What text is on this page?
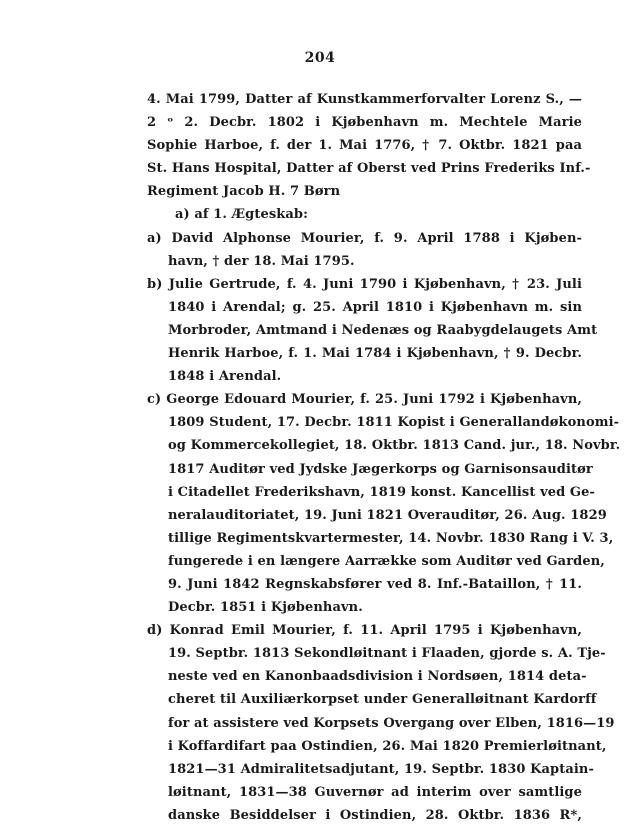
204
4. Mai 1799, Datter af Kunstkammerforvalter Lorenz S., —
2 ᵒ 2. Decbr. 1802 i Kjøbenhavn m. Mechtele Marie
Sophie Harboe, f. der 1. Mai 1776, † 7. Oktbr. 1821 paa
St. Hans Hospital, Datter af Oberst ved Prins Frederiks Inf.-
Regiment Jacob H. 7 Børn
a) af 1. Ægteskab:
a) David Alphonse Mourier, f. 9. April 1788 i Kjøben-
havn, † der 18. Mai 1795.
b) Julie Gertrude, f. 4. Juni 1790 i Kjøbenhavn, † 23. Juli
1840 i Arendal; g. 25. April 1810 i Kjøbenhavn m. sin
Morbroder, Amtmand i Nedenæs og Raabygdelaugets Amt
Henrik Harboe, f. 1. Mai 1784 i Kjøbenhavn, † 9. Decbr.
1848 i Arendal.
c) George Edouard Mourier, f. 25. Juni 1792 i Kjøbenhavn,
1809 Student, 17. Decbr. 1811 Kopist i Generallandøkonomi-
og Kommercekollegiet, 18. Oktbr. 1813 Cand. jur., 18. Novbr.
1817 Auditør ved Jydske Jægerkorps og Garnisonsauditør
i Citadellet Frederikshavn, 1819 konst. Kancellist ved Ge-
neralauditoriatet, 19. Juni 1821 Overauditør, 26. Aug. 1829
tillige Regimentskvartermester, 14. Novbr. 1830 Rang i V. 3,
fungerede i en længere Aarrække som Auditør ved Garden,
9. Juni 1842 Regnskabsfører ved 8. Inf.-Bataillon, † 11.
Decbr. 1851 i Kjøbenhavn.
d) Konrad Emil Mourier, f. 11. April 1795 i Kjøbenhavn,
19. Septbr. 1813 Sekondløitnant i Flaaden, gjorde s. A. Tje-
neste ved en Kanonbaadsdivision i Nordsøen, 1814 deta-
cheret til Auxiliærkorpset under Generalløitnant Kardorff
for at assistere ved Korpsets Overgang over Elben, 1816—19
i Koffardifart paa Ostindien, 26. Mai 1820 Premierløitnant,
1821—31 Admiralitetsadjutant, 19. Septbr. 1830 Kaptain-
løitnant, 1831—38 Guvernør ad interim over samtlige
danske Besiddelser i Ostindien, 28. Oktbr. 1836 R*,
